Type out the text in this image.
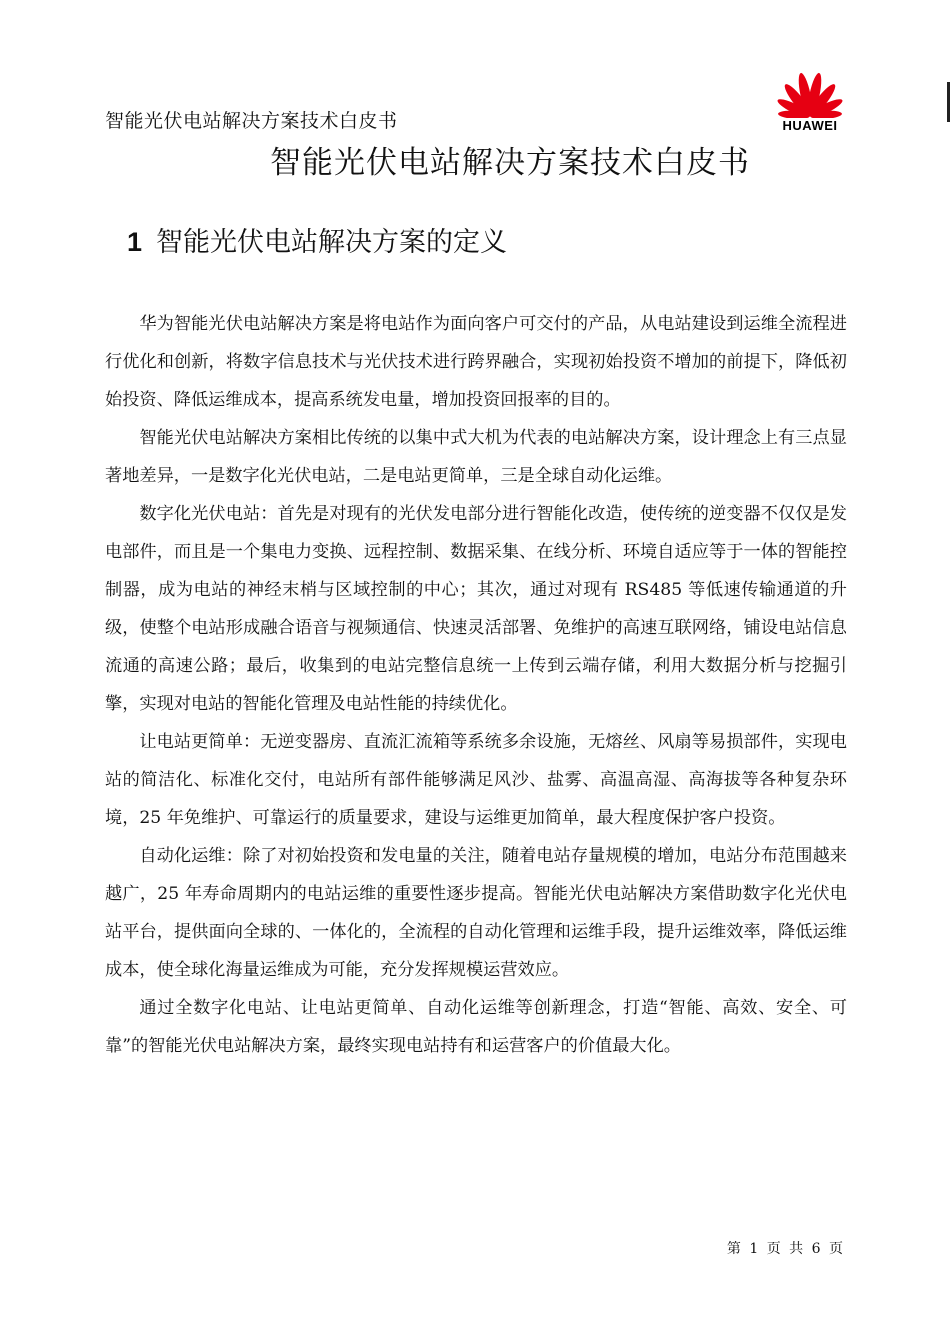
智能光伏电站解决方案技术白皮书	HUAWEI
智能光伏电站解决方案技术白皮书
1 智能光伏电站解决方案的定义

华为智能光伏电站解决方案是将电站作为面向客户可交付的产品，从电站建设到运维全流程进行优化和创新，将数字信息技术与光伏技术进行跨界融合，实现初始投资不增加的前提下，降低初始投资、降低运维成本，提高系统发电量，增加投资回报率的目的。

智能光伏电站解决方案相比传统的以集中式大机为代表的电站解决方案，设计理念上有三点显著地差异，一是数字化光伏电站，二是电站更简单，三是全球自动化运维。

数字化光伏电站：首先是对现有的光伏发电部分进行智能化改造，使传统的逆变器不仅仅是发电部件，而且是一个集电力变换、远程控制、数据采集、在线分析、环境自适应等于一体的智能控制器，成为电站的神经末梢与区域控制的中心；其次，通过对现有 RS485 等低速传输通道的升级，使整个电站形成融合语音与视频通信、快速灵活部署、免维护的高速互联网络，铺设电站信息流通的高速公路；最后，收集到的电站完整信息统一上传到云端存储，利用大数据分析与挖掘引擎，实现对电站的智能化管理及电站性能的持续优化。

让电站更简单：无逆变器房、直流汇流箱等系统多余设施，无熔丝、风扇等易损部件，实现电站的简洁化、标准化交付，电站所有部件能够满足风沙、盐雾、高温高湿、高海拔等各种复杂环境，25 年免维护、可靠运行的质量要求，建设与运维更加简单，最大程度保护客户投资。

自动化运维：除了对初始投资和发电量的关注，随着电站存量规模的增加，电站分布范围越来越广，25 年寿命周期内的电站运维的重要性逐步提高。智能光伏电站解决方案借助数字化光伏电站平台，提供面向全球的、一体化的，全流程的自动化管理和运维手段，提升运维效率，降低运维成本，使全球化海量运维成为可能，充分发挥规模运营效应。

通过全数字化电站、让电站更简单、自动化运维等创新理念，打造“智能、高效、安全、可靠”的智能光伏电站解决方案，最终实现电站持有和运营客户的价值最大化。

第 1 页 共 6 页
